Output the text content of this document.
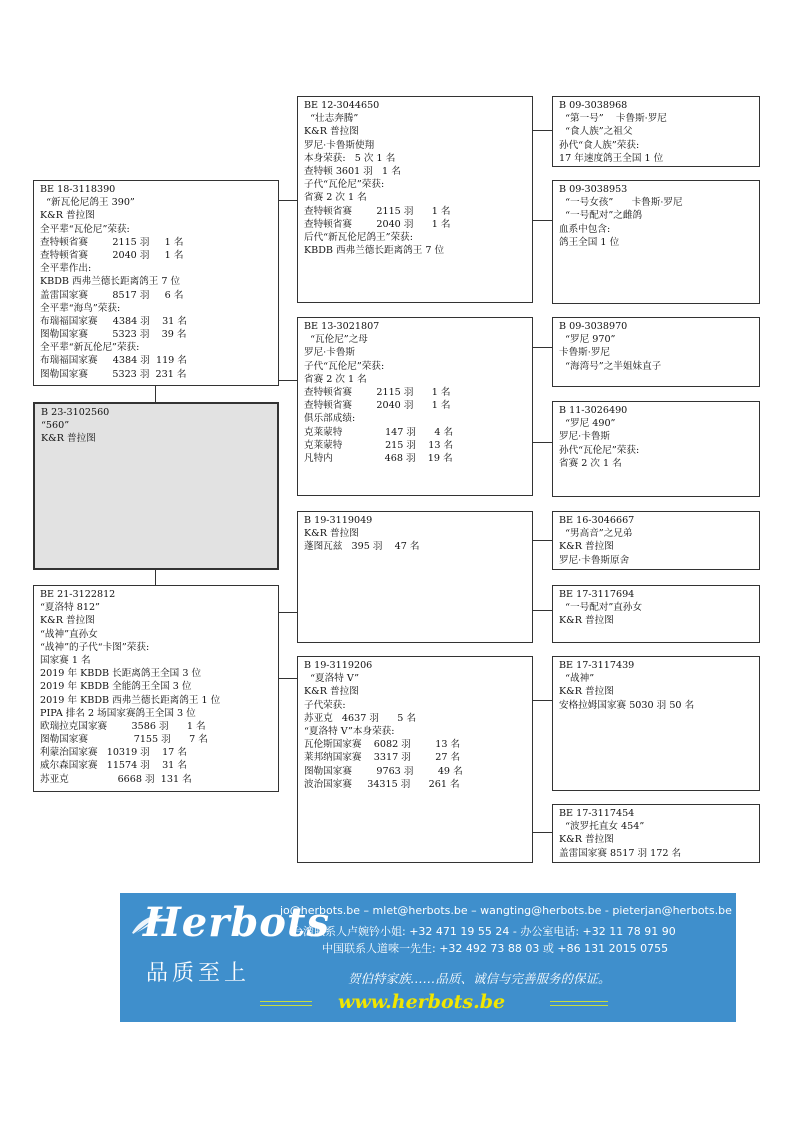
BE 18-3118390
“新瓦伦尼鸽王 390”
K&R 普拉图
全平辈“瓦伦尼”荣获:
查特顿省赛        2115 羽     1 名
查特顿省赛        2040 羽     1 名
全平辈作出:
KBDB 西弗兰德长距离鸽王 7 位
盖雷国家赛        8517 羽     6 名
全平辈“海鸟”荣获:
布瑞福国家赛     4384 羽    31 名
图勒国家赛        5323 羽    39 名
全平辈“新瓦伦尼”荣获:
布瑞福国家赛     4384 羽  119 名
图勒国家赛        5323 羽  231 名
B 23-3102560
“560”
K&R 普拉图
BE 21-3122812
“夏洛特 812”
K&R 普拉图
“战神”直孙女
“战神”的子代“卡图”荣获:
国家赛 1 名
2019 年 KBDB 长距离鸽王全国 3 位
2019 年 KBDB 全能鸽王全国 3 位
2019 年 KBDB 西弗兰德长距离鸽王 1 位
PIPA 排名 2 场国家赛鸽王全国 3 位
欧瑞拉克国家赛        3586 羽      1 名
图勒国家赛               7155 羽      7 名
利蒙治国家赛   10319 羽    17 名
威尔森国家赛   11574 羽    31 名
苏亚克                6668 羽  131 名
BE 12-3044650
“壮志奔腾”
K&R 普拉图
罗尼·卡鲁斯使翔
本身荣获:   5 次 1 名
查特顿 3601 羽   1 名
子代“瓦伦尼”荣获:
省赛 2 次 1 名
查特顿省赛        2115 羽      1 名
查特顿省赛        2040 羽      1 名
后代“新瓦伦尼鸽王”荣获:
KBDB 西弗兰德长距离鸽王 7 位
BE 13-3021807
“瓦伦尼”之母
罗尼·卡鲁斯
子代“瓦伦尼”荣获:
省赛 2 次 1 名
查特顿省赛        2115 羽      1 名
查特顿省赛        2040 羽      1 名
俱乐部成绩:
克莱蒙特              147 羽      4 名
克莱蒙特              215 羽    13 名
凡特内                 468 羽    19 名
B 19-3119049
K&R 普拉图
蓬图瓦兹   395 羽    47 名
B 19-3119206
“夏洛特 V”
K&R 普拉图
子代荣获:
苏亚克   4637 羽      5 名
“夏洛特 V”本身荣获:
瓦伦斯国家赛    6082 羽        13 名
莱邦纳国家赛    3317 羽        27 名
图勒国家赛        9763 羽        49 名
波治国家赛     34315 羽      261 名
B 09-3038968
“第一号”    卡鲁斯·罗尼
“食人族”之祖父
孙代“食人族”荣获:
17 年速度鸽王全国 1 位
B 09-3038953
“一号女孩”      卡鲁斯·罗尼
“一号配对”之雌鸽
血系中包含:
鸽王全国 1 位
B 09-3038970
“罗尼 970”
卡鲁斯·罗尼
“海湾号”之半姐妹直子
B 11-3026490
“罗尼 490”
罗尼·卡鲁斯
孙代“瓦伦尼”荣获:
省赛 2 次 1 名
BE 16-3046667
“男高音”之兄弟
K&R 普拉图
罗尼·卡鲁斯原舍
BE 17-3117694
“一号配对”直孙女
K&R 普拉图
BE 17-3117439
“战神”
K&R 普拉图
安格拉姆国家赛 5030 羽 50 名
BE 17-3117454
“波罗托直女 454”
K&R 普拉图
盖雷国家赛 8517 羽 172 名
Herbots
品质至上
jo@herbots.be – mlet@herbots.be – wangting@herbots.be - pieterjan@herbots.be
台湾联系人卢婉钤小姐: +32 471 19 55 24 - 办公室电话: +32 11 78 91 90
中国联系人道唻一先生: +32 492 73 88 03 或 +86 131 2015 0755
贺伯特家族……品质、诚信与完善服务的保证。
www.herbots.be
